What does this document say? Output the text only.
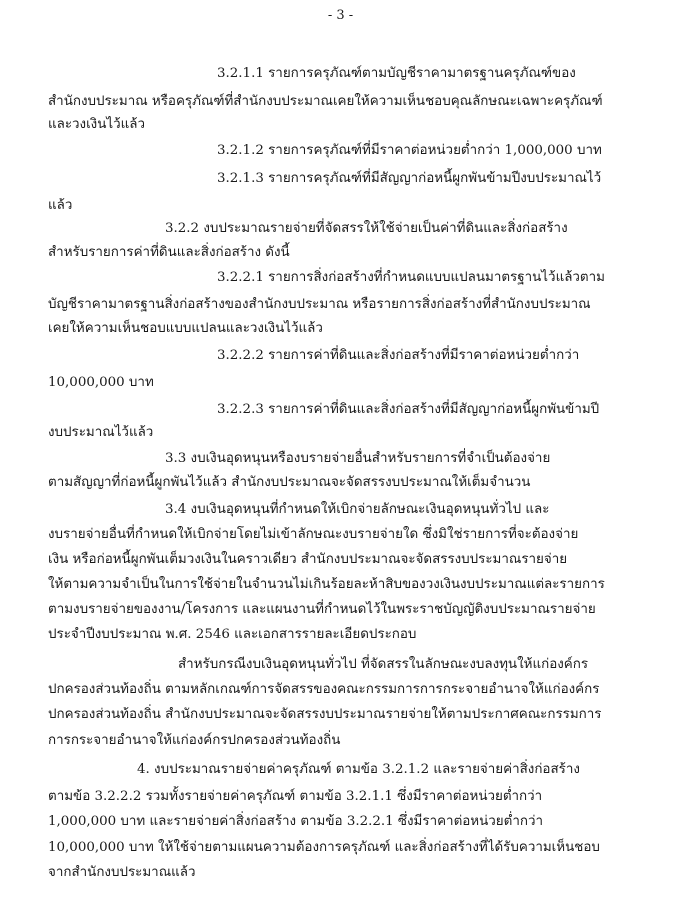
- 3 -
3.2.1.1 รายการครุภัณฑ์ตามบัญชีราคามาตรฐานครุภัณฑ์ของ
สำนักงบประมาณ หรือครุภัณฑ์ที่สำนักงบประมาณเคยให้ความเห็นชอบคุณลักษณะเฉพาะครุภัณฑ์
และวงเงินไว้แล้ว
3.2.1.2 รายการครุภัณฑ์ที่มีราคาต่อหน่วยต่ำกว่า 1,000,000 บาท
3.2.1.3 รายการครุภัณฑ์ที่มีสัญญาก่อหนี้ผูกพันข้ามปีงบประมาณไว้
แล้ว
3.2.2 งบประมาณรายจ่ายที่จัดสรรให้ใช้จ่ายเป็นค่าที่ดินและสิ่งก่อสร้าง
สำหรับรายการค่าที่ดินและสิ่งก่อสร้าง ดังนี้
3.2.2.1 รายการสิ่งก่อสร้างที่กำหนดแบบแปลนมาตรฐานไว้แล้วตาม
บัญชีราคามาตรฐานสิ่งก่อสร้างของสำนักงบประมาณ หรือรายการสิ่งก่อสร้างที่สำนักงบประมาณ
เคยให้ความเห็นชอบแบบแปลนและวงเงินไว้แล้ว
3.2.2.2 รายการค่าที่ดินและสิ่งก่อสร้างที่มีราคาต่อหน่วยต่ำกว่า
10,000,000 บาท
3.2.2.3 รายการค่าที่ดินและสิ่งก่อสร้างที่มีสัญญาก่อหนี้ผูกพันข้ามปี
งบประมาณไว้แล้ว
3.3 งบเงินอุดหนุนหรืองบรายจ่ายอื่นสำหรับรายการที่จำเป็นต้องจ่าย
ตามสัญญาที่ก่อหนี้ผูกพันไว้แล้ว สำนักงบประมาณจะจัดสรรงบประมาณให้เต็มจำนวน
3.4 งบเงินอุดหนุนที่กำหนดให้เบิกจ่ายลักษณะเงินอุดหนุนทั่วไป และ
งบรายจ่ายอื่นที่กำหนดให้เบิกจ่ายโดยไม่เข้าลักษณะงบรายจ่ายใด ซึ่งมิใช่รายการที่จะต้องจ่าย
เงิน หรือก่อหนี้ผูกพันเต็มวงเงินในคราวเดียว สำนักงบประมาณจะจัดสรรงบประมาณรายจ่าย
ให้ตามความจำเป็นในการใช้จ่ายในจำนวนไม่เกินร้อยละห้าสิบของวงเงินงบประมาณแต่ละรายการ
ตามงบรายจ่ายของงาน/โครงการ และแผนงานที่กำหนดไว้ในพระราชบัญญัติงบประมาณรายจ่าย
ประจำปีงบประมาณ พ.ศ. 2546 และเอกสารรายละเอียดประกอบ
สำหรับกรณีงบเงินอุดหนุนทั่วไป ที่จัดสรรในลักษณะงบลงทุนให้แก่องค์กร
ปกครองส่วนท้องถิ่น ตามหลักเกณฑ์การจัดสรรของคณะกรรมการการกระจายอำนาจให้แก่องค์กร
ปกครองส่วนท้องถิ่น สำนักงบประมาณจะจัดสรรงบประมาณรายจ่ายให้ตามประกาศคณะกรรมการ
การกระจายอำนาจให้แก่องค์กรปกครองส่วนท้องถิ่น
4. งบประมาณรายจ่ายค่าครุภัณฑ์ ตามข้อ 3.2.1.2 และรายจ่ายค่าสิ่งก่อสร้าง
ตามข้อ 3.2.2.2 รวมทั้งรายจ่ายค่าครุภัณฑ์ ตามข้อ 3.2.1.1 ซึ่งมีราคาต่อหน่วยต่ำกว่า
1,000,000 บาท และรายจ่ายค่าสิ่งก่อสร้าง ตามข้อ 3.2.2.1 ซึ่งมีราคาต่อหน่วยต่ำกว่า
10,000,000 บาท ให้ใช้จ่ายตามแผนความต้องการครุภัณฑ์ และสิ่งก่อสร้างที่ได้รับความเห็นชอบ
จากสำนักงบประมาณแล้ว
